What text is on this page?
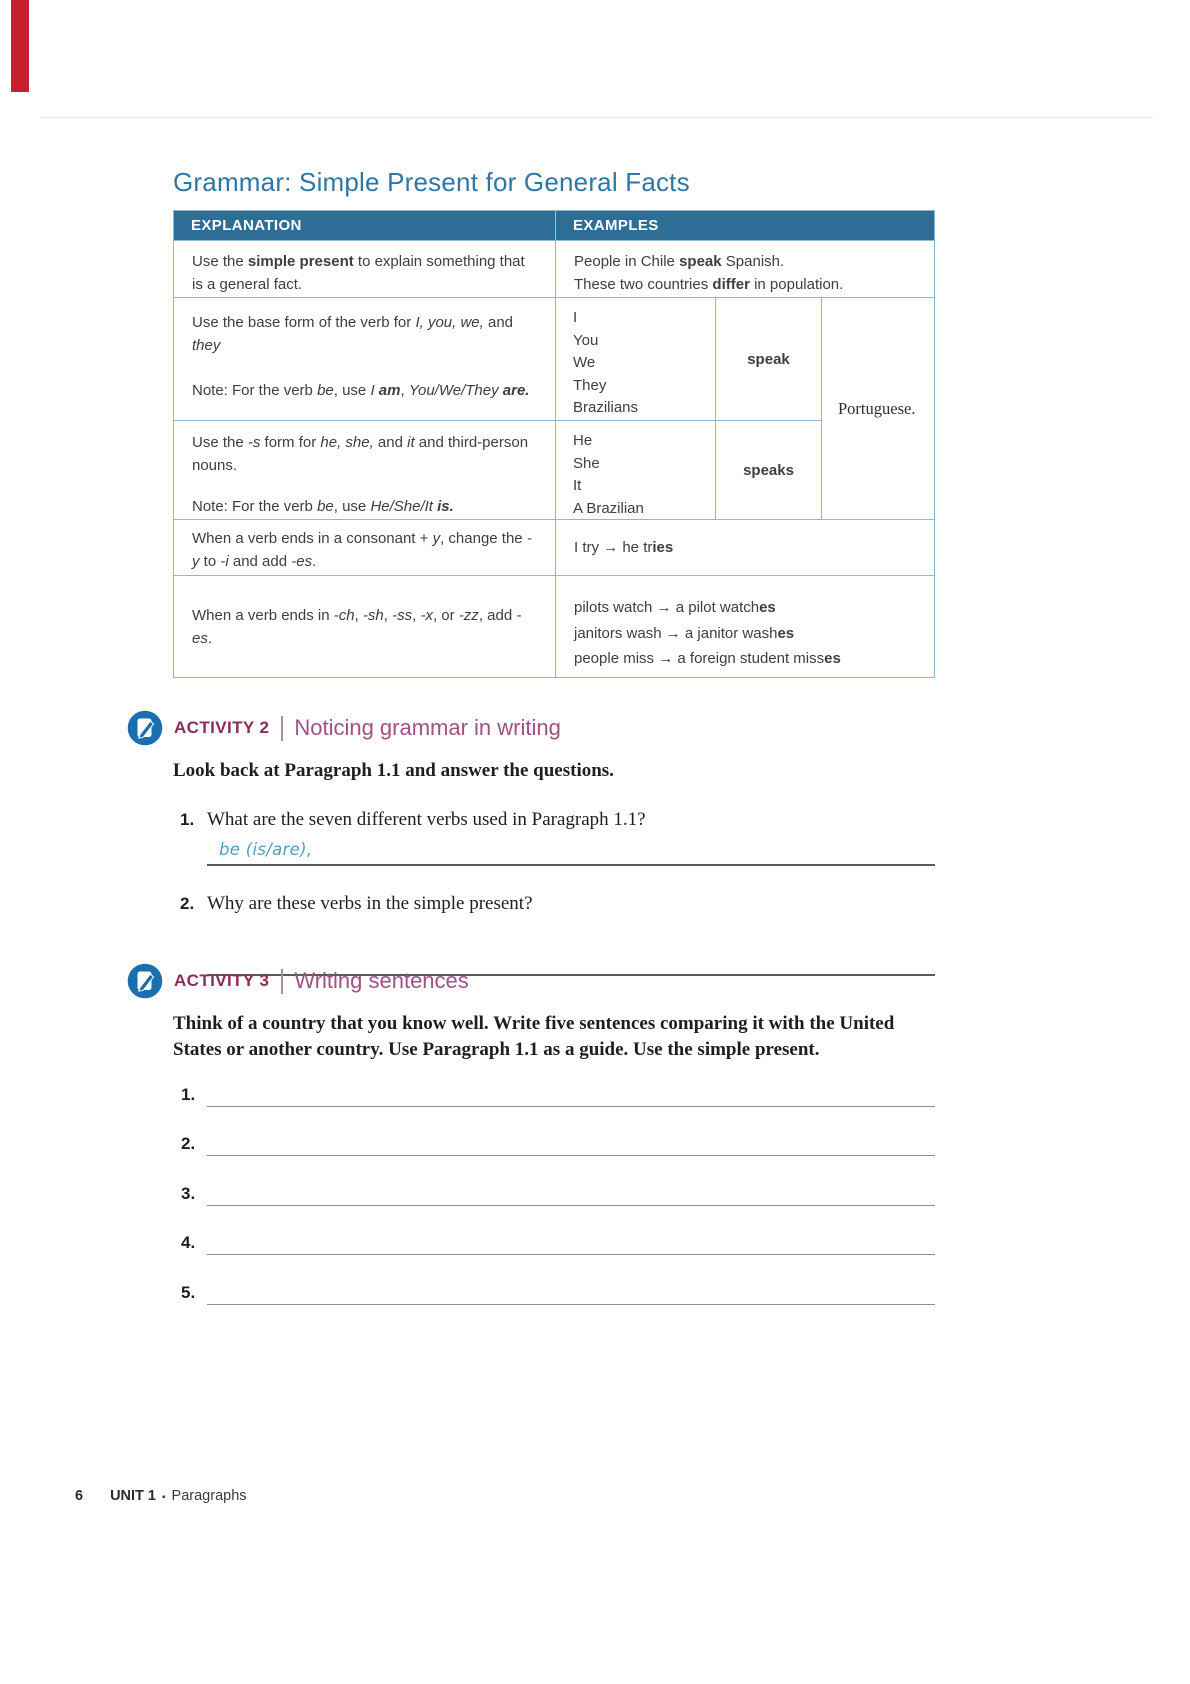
Grammar: Simple Present for General Facts
EXPLANATION	EXAMPLES

Use the simple present to explain something that is a general fact.

People in Chile speak Spanish.

These two countries differ in population.

Use the base form of the verb for I, you, we, and they

Note: For the verb be, use I am, You/We/They are.

I
You
We
They
Brazilians
speak
Portuguese.

Use the -s form for he, she, and it and third-person nouns.

Note: For the verb be, use He/She/It is.

He
She
It
A Brazilian
speaks

When a verb ends in a consonant + y, change the -y to -i and add -es.

I try → he tries

When a verb ends in -ch, -sh, -ss, -x, or -zz, add -es.

pilots watch → a pilot watches

janitors wash → a janitor washes

people miss → a foreign student misses

ACTIVITY 2 Noticing grammar in writing

Look back at Paragraph 1.1 and answer the questions.

1. What are the seven different verbs used in Paragraph 1.1?
be (is/are),
2. Why are these verbs in the simple present?
ACTIVITY 3 Writing sentences

Think of a country that you know well. Write five sentences comparing it with the United States or another country. Use Paragraph 1.1 as a guide. Use the simple present.

1.
2.
3.
4.
5.
6 UNIT 1 ▪ Paragraphs
